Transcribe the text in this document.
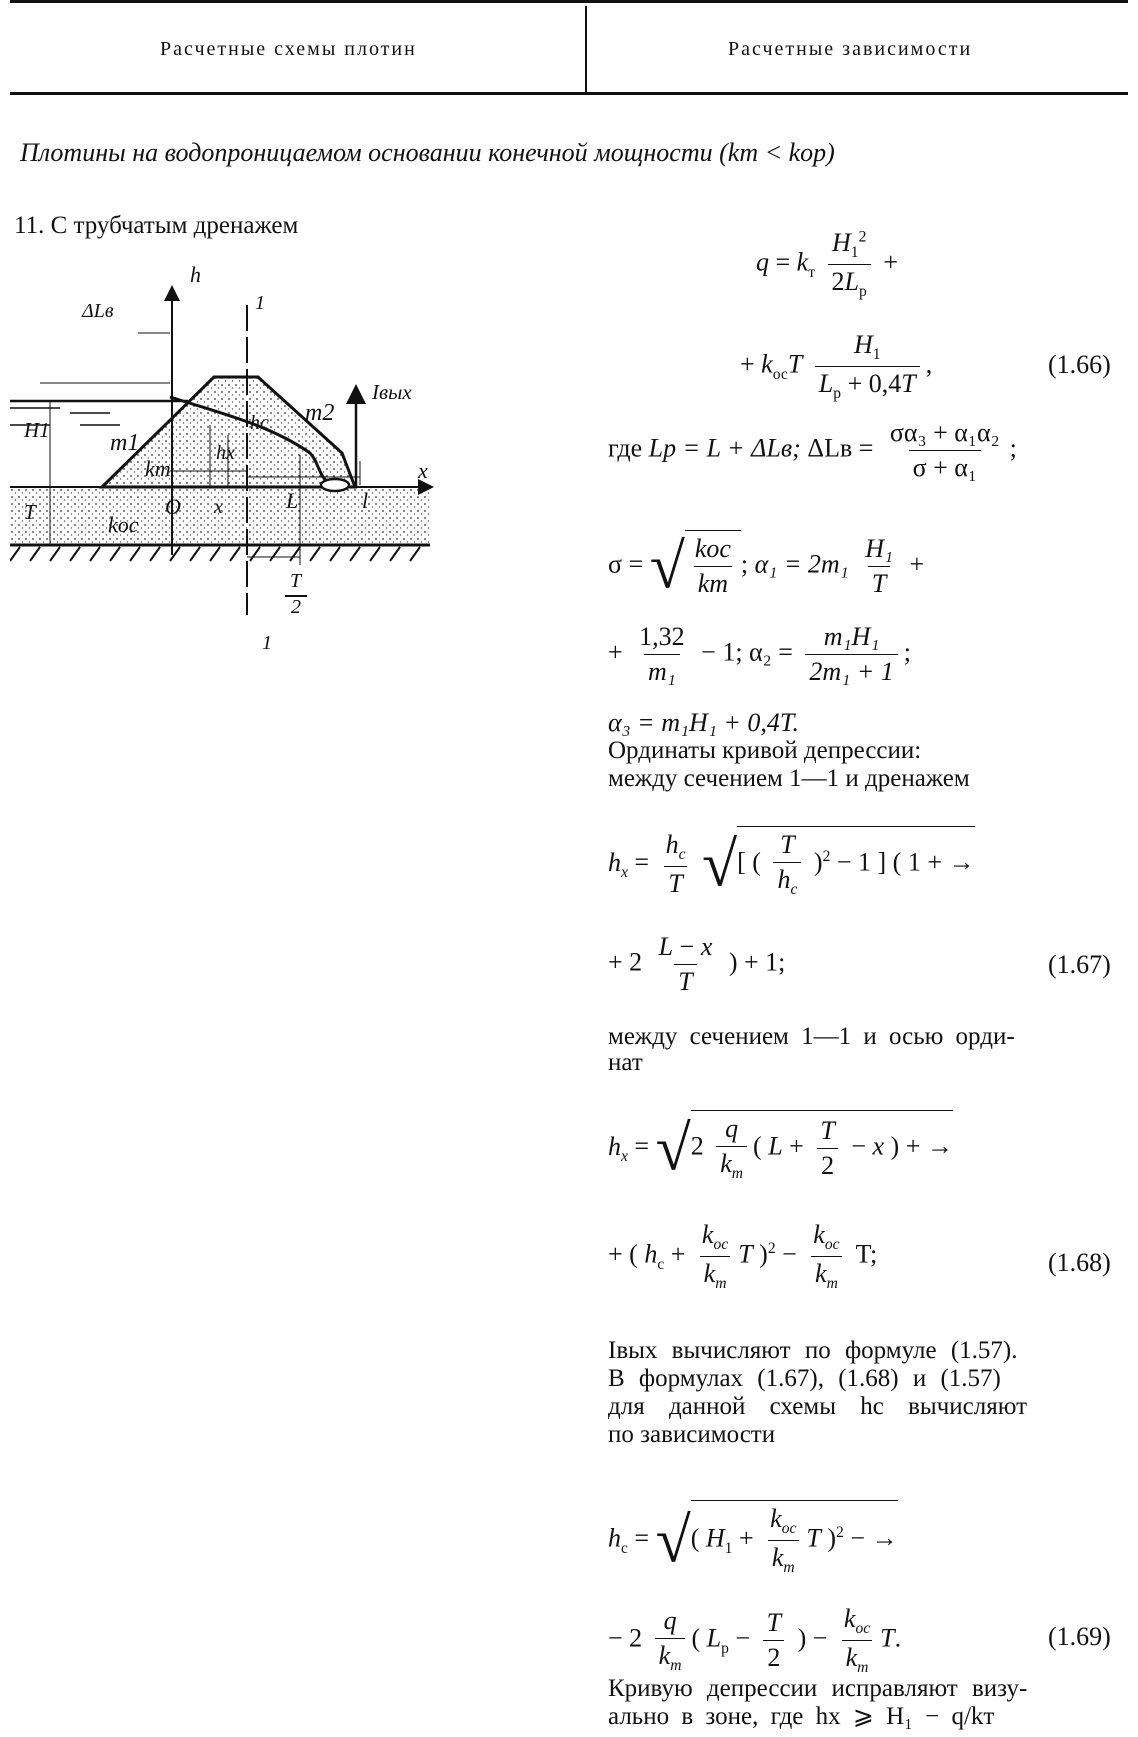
Расчетные схемы плотин	Расчетные зависимости
Плотины на водопроницаемом основании конечной мощности (kт < kop)
11. С трубчатым дренажем
h
ΔLв	1
Iвых
x
H1
T
m1
m2
kт
hx
hc
O x	L	l
kос
T
2
1
$q = k_т \frac{H_1^2}{2L_р}$ +
+ $k_{ос}T \frac{H_1}{L_р + 0,4T}$ ,	(1.66)
где Lр = L + ΔLв; $\Delta Lв = \frac{\text{σα₃ + α₁α₂}}{\text{σ + α₁}}$ ;
σ = √ $\frac{\text{kос}}{kт}$ ; $\alpha_1 = 2m_1 \frac{\text{H₁}}{T}$ +
+ $\frac{1,32}{\text{m₁}} - 1$; $\alpha_2 = \frac{\text{m₁H₁}}{\text{2m₁ + 1}}$ ;
α₃ = m₁H₁ + 0,4T.
Ординаты кривой депрессии:
между сечением 1—1 и дренажем
$h_x = \frac{h_c}{T}$ √[ ( $\frac{T}{h_c} )^2 - 1$ ] ( 1 + →
+ $2 \frac{L - x}{T}$ ) + 1;	(1.67)
между сечением 1—1 и осью орди-
нат
$h_x = √2 \frac{q}{k_т}$ ( $L + \frac{T}{2} - x$ ) + →
+ ( $h_c + \frac{k_{ос}}{k_т}$ T )$^2 - \frac{k_{ос}}{k_т} T$;	(1.68)
Iвых вычисляют по формуле (1.57).
В формулах (1.67), (1.68) и (1.57)
для данной схемы hc вычисляют
по зависимости
$h_c$ = √( $H_1 + \frac{k_{ос}}{k_т}$ T )$^2$ − →
− $2 \frac{q}{k_т}$ ( $L_р - \frac{T}{2}$ ) − $\frac{k_{ос}}{k_т} T$.	(1.69)
Кривую депрессии исправляют визу-
ально в зоне, где hx ⩾ H₁ − q/kт
